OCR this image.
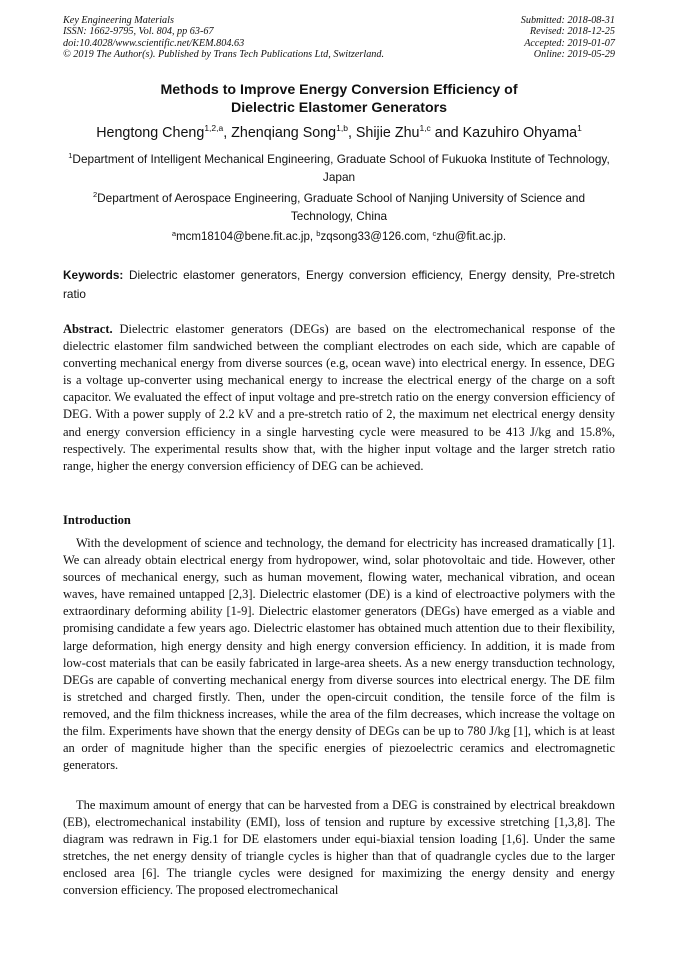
Key Engineering Materials
ISSN: 1662-9795, Vol. 804, pp 63-67
doi:10.4028/www.scientific.net/KEM.804.63
© 2019 The Author(s). Published by Trans Tech Publications Ltd, Switzerland.
Submitted: 2018-08-31
Revised: 2018-12-25
Accepted: 2019-01-07
Online: 2019-05-29
Methods to Improve Energy Conversion Efficiency of
Dielectric Elastomer Generators
Hengtong Cheng$^{1,2,a}$, Zhenqiang Song$^{1,b}$, Shijie Zhu$^{1,c}$ and Kazuhiro Ohyama$^1$
$^1$Department of Intelligent Mechanical Engineering, Graduate School of Fukuoka Institute of Technology, Japan
$^2$Department of Aerospace Engineering, Graduate School of Nanjing University of Science and Technology, China
$^a$mcm18104@bene.fit.ac.jp, $^b$zqsong33@126.com, $^c$zhu@fit.ac.jp.
Keywords: Dielectric elastomer generators, Energy conversion efficiency, Energy density, Pre-stretch ratio
Abstract. Dielectric elastomer generators (DEGs) are based on the electromechanical response of the dielectric elastomer film sandwiched between the compliant electrodes on each side, which are capable of converting mechanical energy from diverse sources (e.g, ocean wave) into electrical energy. In essence, DEG is a voltage up-converter using mechanical energy to increase the electrical energy of the charge on a soft capacitor. We evaluated the effect of input voltage and pre-stretch ratio on the energy conversion efficiency of DEG. With a power supply of 2.2 kV and a pre-stretch ratio of 2, the maximum net electrical energy density and energy conversion efficiency in a single harvesting cycle were measured to be 413 J/kg and 15.8%, respectively. The experimental results show that, with the higher input voltage and the larger stretch ratio range, higher the energy conversion efficiency of DEG can be achieved.
Introduction
With the development of science and technology, the demand for electricity has increased dramatically [1]. We can already obtain electrical energy from hydropower, wind, solar photovoltaic and tide. However, other sources of mechanical energy, such as human movement, flowing water, mechanical vibration, and ocean waves, have remained untapped [2,3]. Dielectric elastomer (DE) is a kind of electroactive polymers with the extraordinary deforming ability [1-9]. Dielectric elastomer generators (DEGs) have emerged as a viable and promising candidate a few years ago. Dielectric elastomer has obtained much attention due to their flexibility, large deformation, high energy density and high energy conversion efficiency. In addition, it is made from low-cost materials that can be easily fabricated in large-area sheets. As a new energy transduction technology, DEGs are capable of converting mechanical energy from diverse sources into electrical energy. The DE film is stretched and charged firstly. Then, under the open-circuit condition, the tensile force of the film is removed, and the film thickness increases, while the area of the film decreases, which increase the voltage on the film. Experiments have shown that the energy density of DEGs can be up to 780 J/kg [1], which is at least an order of magnitude higher than the specific energies of piezoelectric ceramics and electromagnetic generators.
The maximum amount of energy that can be harvested from a DEG is constrained by electrical breakdown (EB), electromechanical instability (EMI), loss of tension and rupture by excessive stretching [1,3,8]. The diagram was redrawn in Fig.1 for DE elastomers under equi-biaxial tension loading [1,6]. Under the same stretches, the net energy density of triangle cycles is higher than that of quadrangle cycles due to the larger enclosed area [6]. The triangle cycles were designed for maximizing the energy density and energy conversion efficiency. The proposed electromechanical
